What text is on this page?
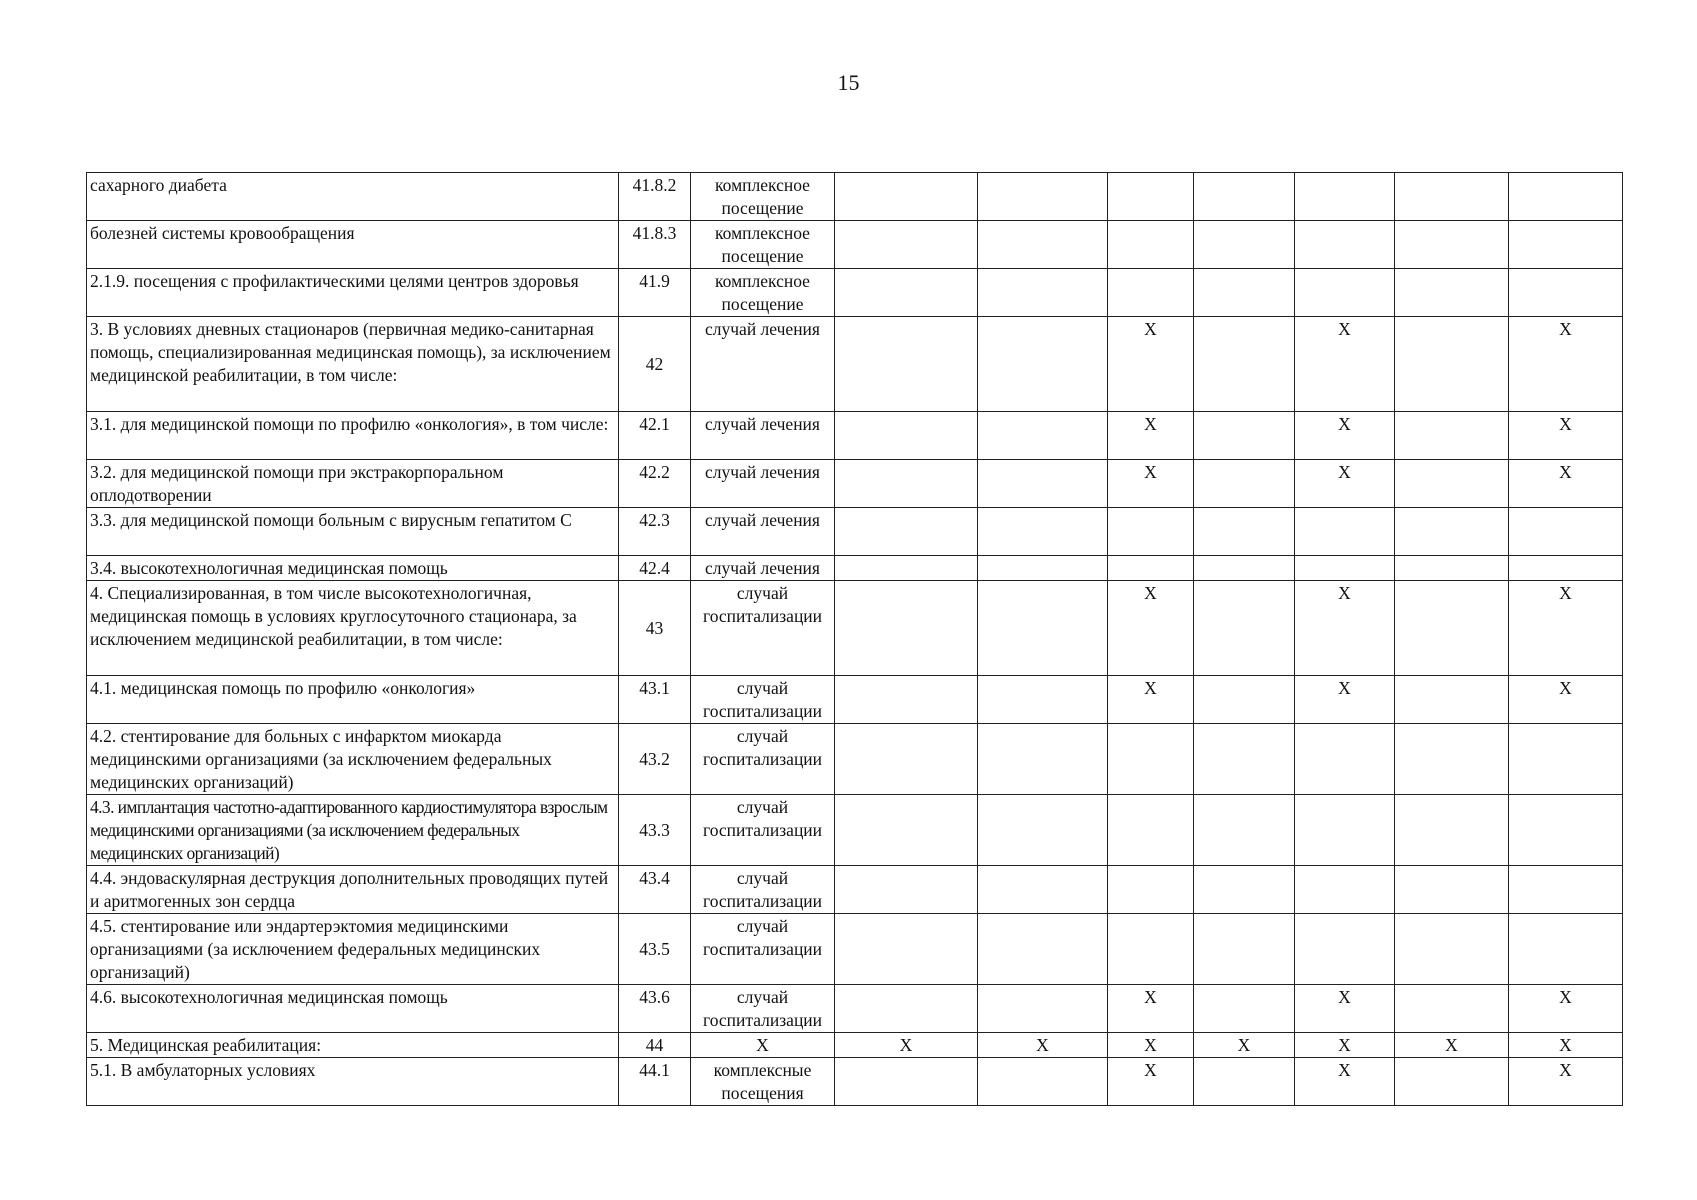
15
сахарного диабета	41.8.2	комплексное посещение							
болезней системы кровообращения	41.8.3	комплексное посещение							
2.1.9. посещения с профилактическими целями центров здоровья	41.9	комплексное посещение							
3. В условиях дневных стационаров (первичная медико-санитарная помощь, специализированная медицинская помощь), за исключением медицинской реабилитации, в том числе:	42	случай лечения			Х		Х		Х
3.1. для медицинской помощи по профилю «онкология», в том числе:	42.1	случай лечения			Х		Х		Х
3.2. для медицинской помощи при экстракорпоральном оплодотворении	42.2	случай лечения			Х		Х		Х
3.3. для медицинской помощи больным с вирусным гепатитом С	42.3	случай лечения							
3.4. высокотехнологичная медицинская помощь	42.4	случай лечения							
4. Специализированная, в том числе высокотехнологичная, медицинская помощь в условиях круглосуточного стационара, за исключением медицинской реабилитации, в том числе:	43	случай госпитализации			Х		Х		Х
4.1. медицинская помощь по профилю «онкология»	43.1	случай госпитализации			Х		Х		Х
4.2. стентирование для больных с инфарктом миокарда медицинскими организациями (за исключением федеральных медицинских организаций)	43.2	случай госпитализации							
4.3. имплантация частотно-адаптированного кардиостимулятора взрослым медицинскими организациями (за исключением федеральных медицинских организаций)	43.3	случай госпитализации							
4.4. эндоваскулярная деструкция дополнительных проводящих путей и аритмогенных зон сердца	43.4	случай госпитализации							
4.5. стентирование или эндартерэктомия медицинскими организациями (за исключением федеральных медицинских организаций)	43.5	случай госпитализации							
4.6. высокотехнологичная медицинская помощь	43.6	случай госпитализации			Х		Х		Х
5. Медицинская реабилитация:	44	Х	Х	Х	Х	Х	Х	Х	Х
5.1. В амбулаторных условиях	44.1	комплексные посещения			Х		Х		Х
